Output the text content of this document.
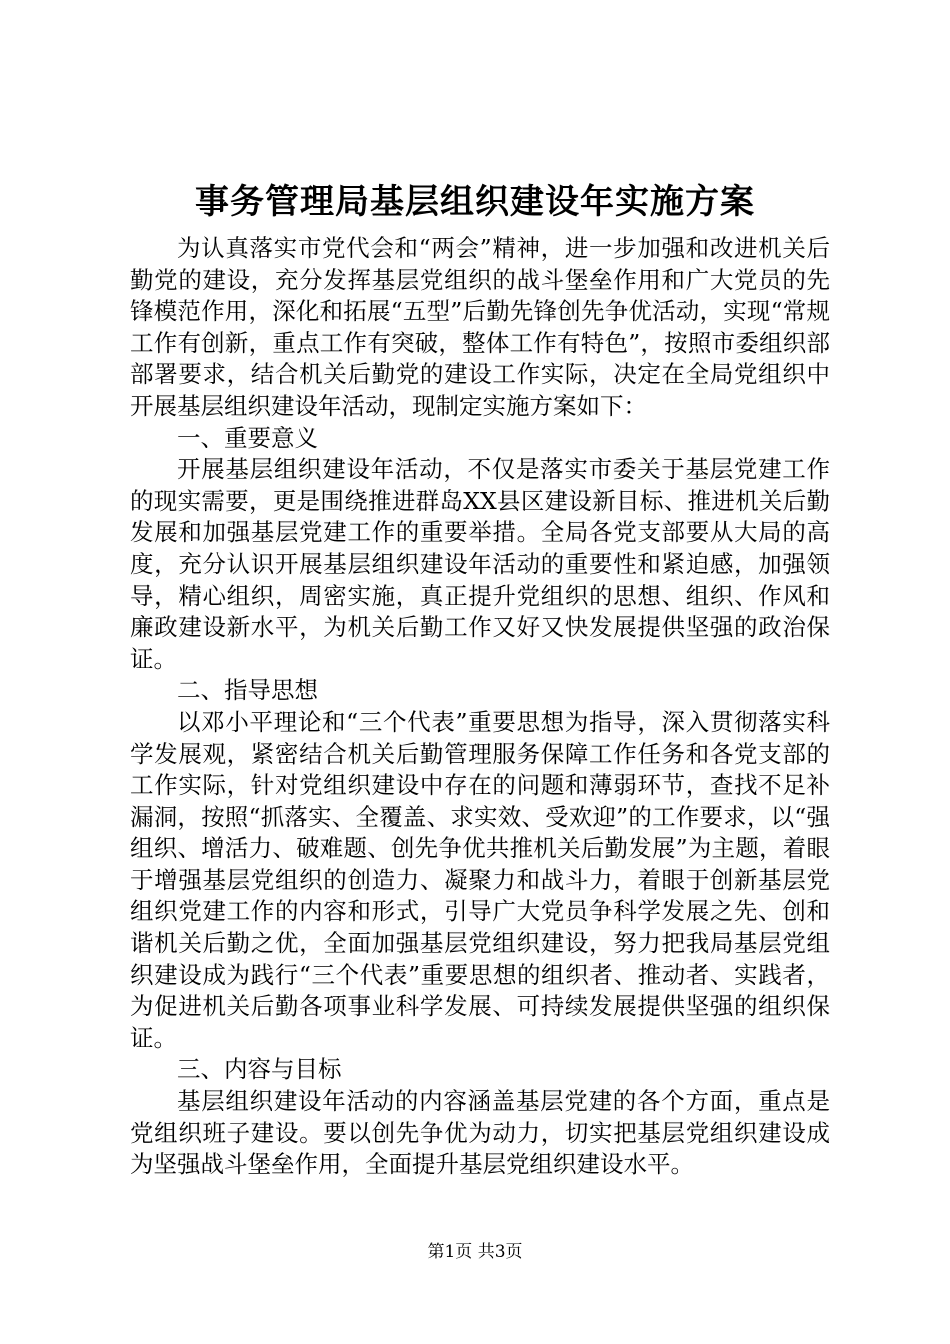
事务管理局基层组织建设年实施方案

为认真落实市党代会和“两会”精神，进一步加强和改进机关后勤党的建设，充分发挥基层党组织的战斗堡垒作用和广大党员的先锋模范作用，深化和拓展“五型”后勤先锋创先争优活动，实现“常规工作有创新，重点工作有突破，整体工作有特色”，按照市委组织部部署要求，结合机关后勤党的建设工作实际，决定在全局党组织中开展基层组织建设年活动，现制定实施方案如下：

一、重要意义

开展基层组织建设年活动，不仅是落实市委关于基层党建工作的现实需要，更是围绕推进群岛XX县区建设新目标、推进机关后勤发展和加强基层党建工作的重要举措。全局各党支部要从大局的高度，充分认识开展基层组织建设年活动的重要性和紧迫感，加强领导，精心组织，周密实施，真正提升党组织的思想、组织、作风和廉政建设新水平，为机关后勤工作又好又快发展提供坚强的政治保证。

二、指导思想

以邓小平理论和“三个代表”重要思想为指导，深入贯彻落实科学发展观，紧密结合机关后勤管理服务保障工作任务和各党支部的工作实际，针对党组织建设中存在的问题和薄弱环节，查找不足补漏洞，按照“抓落实、全覆盖、求实效、受欢迎”的工作要求，以“强组织、增活力、破难题、创先争优共推机关后勤发展”为主题，着眼于增强基层党组织的创造力、凝聚力和战斗力，着眼于创新基层党组织党建工作的内容和形式，引导广大党员争科学发展之先、创和谐机关后勤之优，全面加强基层党组织建设，努力把我局基层党组织建设成为践行“三个代表”重要思想的组织者、推动者、实践者，为促进机关后勤各项事业科学发展、可持续发展提供坚强的组织保证。

三、内容与目标

基层组织建设年活动的内容涵盖基层党建的各个方面，重点是党组织班子建设。要以创先争优为动力，切实把基层党组织建设成为坚强战斗堡垒作用，全面提升基层党组织建设水平。

第1页 共3页
